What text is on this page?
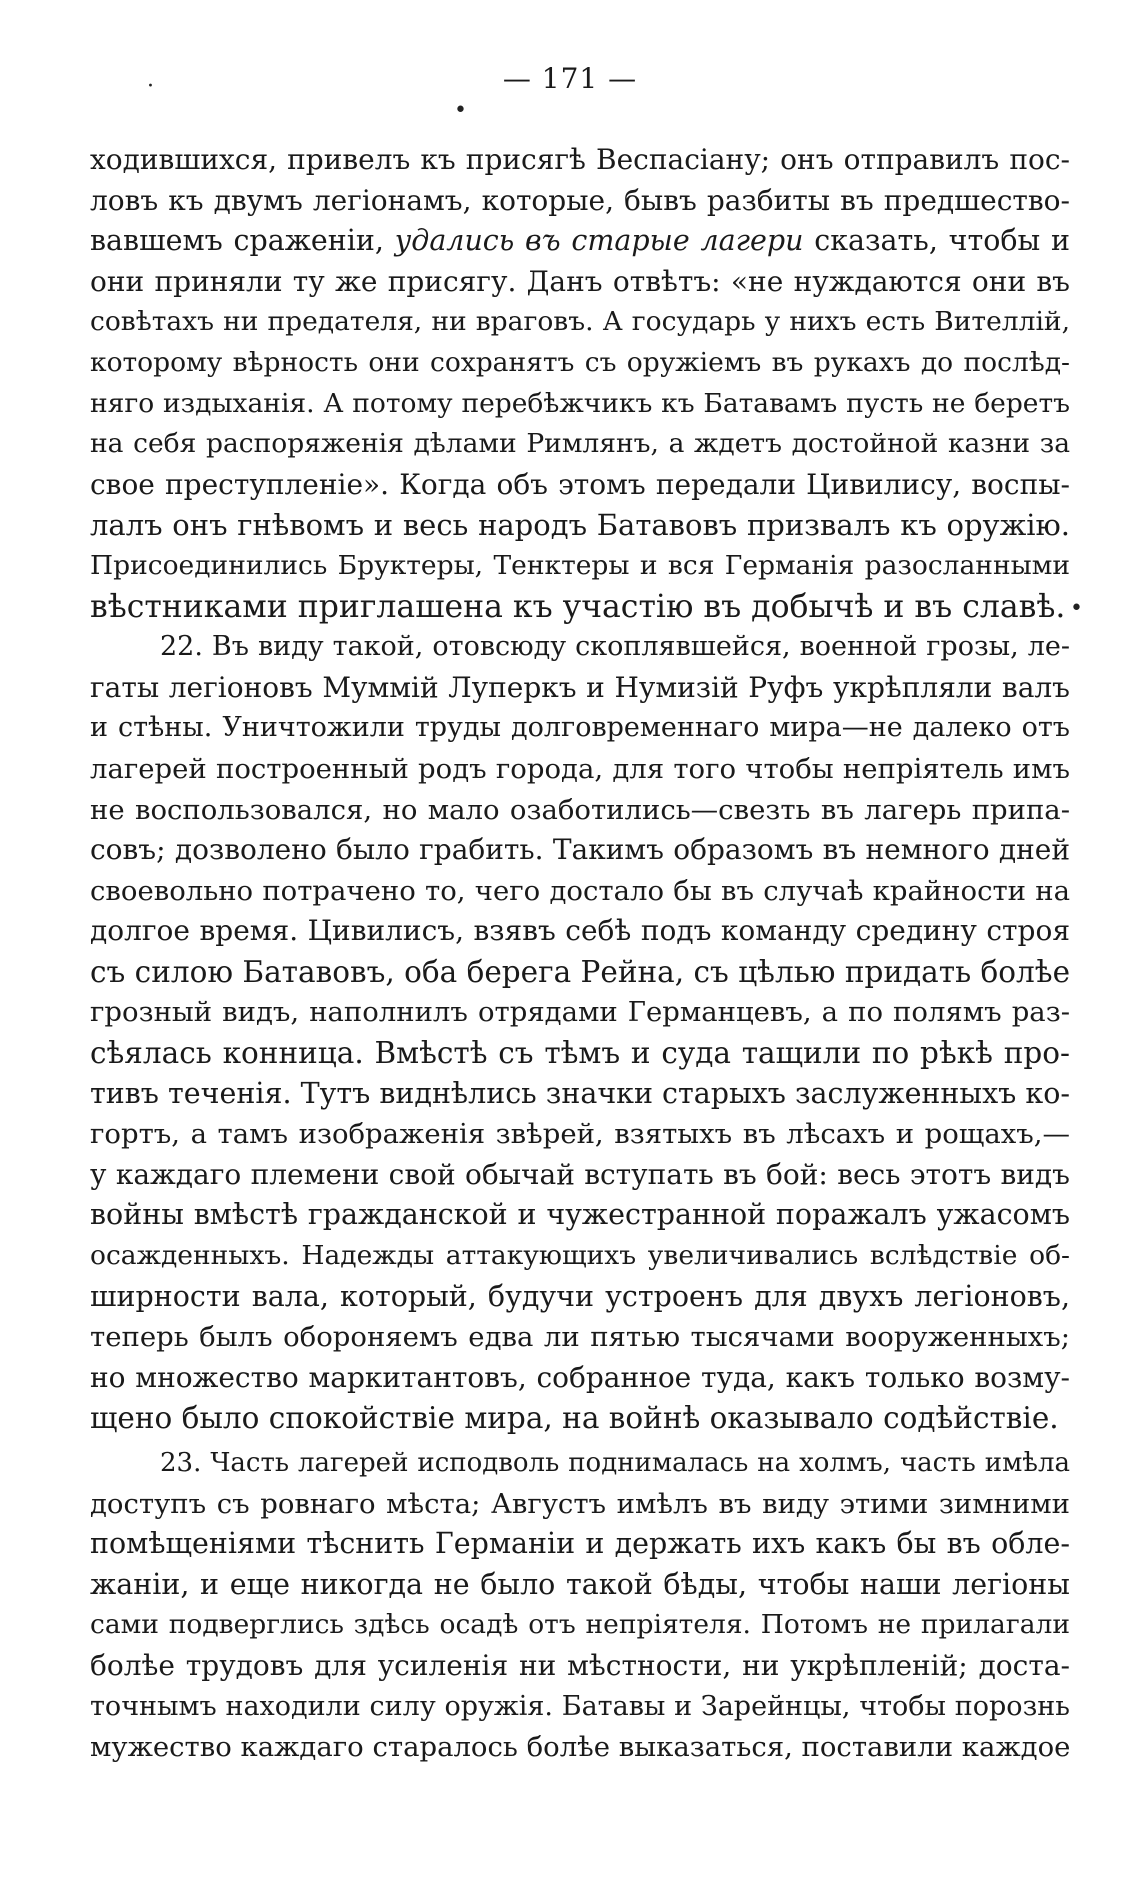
— 171 —
·
•
•
ходившихся, привелъ къ присягѣ Веспасіану; онъ отправилъ пос-
ловъ къ двумъ легіонамъ, которые, бывъ разбиты въ предшество-
вавшемъ сраженіи, удались въ старые лагери сказать, чтобы и
они приняли ту же присягу. Данъ отвѣтъ: «не нуждаются они въ
совѣтахъ ни предателя, ни враговъ. А государь у нихъ есть Вителлій,
которому вѣрность они сохранятъ съ оружіемъ въ рукахъ до послѣд-
няго издыханія. А потому перебѣжчикъ къ Батавамъ пусть не беретъ
на себя распоряженія дѣлами Римлянъ, а ждетъ достойной казни за
свое преступленіе». Когда объ этомъ передали Цивилису, воспы-
лалъ онъ гнѣвомъ и весь народъ Батавовъ призвалъ къ оружію.
Присоединились Бруктеры, Тенктеры и вся Германія разосланными
вѣстниками приглашена къ участію въ добычѣ и въ славѣ.
22. Въ виду такой, отовсюду скоплявшейся, военной грозы, ле-
гаты легіоновъ Муммій Луперкъ и Нумизій Руфъ укрѣпляли валъ
и стѣны. Уничтожили труды долговременнаго мира—не далеко отъ
лагерей построенный родъ города, для того чтобы непріятель имъ
не воспользовался, но мало озаботились—свезть въ лагерь припа-
совъ; дозволено было грабить. Такимъ образомъ въ немного дней
своевольно потрачено то, чего достало бы въ случаѣ крайности на
долгое время. Цивилисъ, взявъ себѣ подъ команду средину строя
съ силою Батавовъ, оба берега Рейна, съ цѣлью придать болѣе
грозный видъ, наполнилъ отрядами Германцевъ, а по полямъ раз-
сѣялась конница. Вмѣстѣ съ тѣмъ и суда тащили по рѣкѣ про-
тивъ теченія. Тутъ виднѣлись значки старыхъ заслуженныхъ ко-
гортъ, а тамъ изображенія звѣрей, взятыхъ въ лѣсахъ и рощахъ,—
у каждаго племени свой обычай вступать въ бой: весь этотъ видъ
войны вмѣстѣ гражданской и чужестранной поражалъ ужасомъ
осажденныхъ. Надежды аттакующихъ увеличивались вслѣдствіе об-
ширности вала, который, будучи устроенъ для двухъ легіоновъ,
теперь былъ обороняемъ едва ли пятью тысячами вооруженныхъ;
но множество маркитантовъ, собранное туда, какъ только возму-
щено было спокойствіе мира, на войнѣ оказывало содѣйствіе.
23. Часть лагерей исподволь поднималась на холмъ, часть имѣла
доступъ съ ровнаго мѣста; Августъ имѣлъ въ виду этими зимними
помѣщеніями тѣснить Германіи и держать ихъ какъ бы въ обле-
жаніи, и еще никогда не было такой бѣды, чтобы наши легіоны
сами подверглись здѣсь осадѣ отъ непріятеля. Потомъ не прилагали
болѣе трудовъ для усиленія ни мѣстности, ни укрѣпленій; доста-
точнымъ находили силу оружія. Батавы и Зарейнцы, чтобы порознь
мужество каждаго старалось болѣе выказаться, поставили каждое
